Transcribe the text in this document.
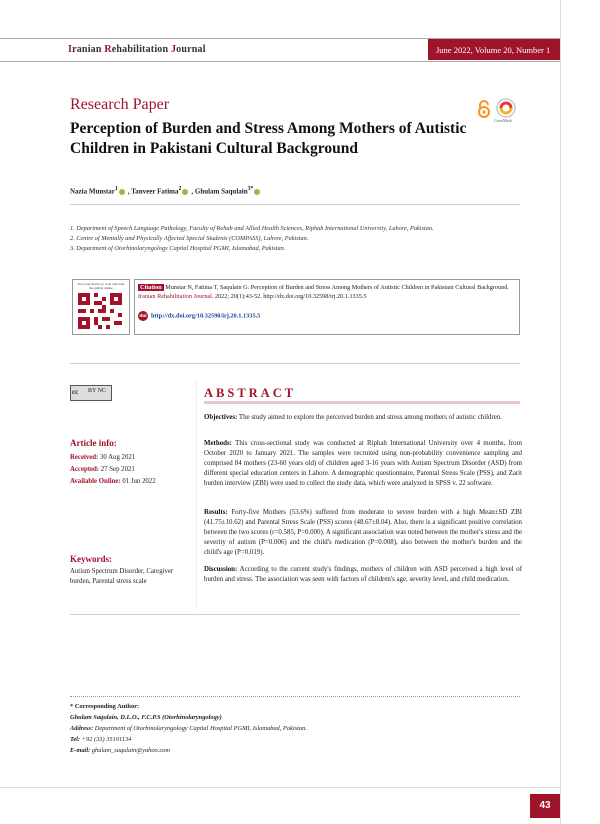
Iranian Rehabilitation Journal	June 2022, Volume 20, Number 1
Research Paper
Perception of Burden and Stress Among Mothers of Autistic Children in Pakistani Cultural Background
CrossMark
Nazia Munstar$^1$ , Tanveer Fatima$^2$ , Ghulam Saqulain$^{3*}$
1. Department of Speech Language Pathology, Faculty of Rehab and Allied Health Sciences, Riphah International University, Lahore, Pakistan.
2. Centre of Mentally and Physically Affected Special Students (COMPASS), Lahore, Pakistan.
3. Department of Otorhinolaryngology Capital Hospital PGMI, Islamabad, Pakistan.
Use your device to scan and read the article online	Citation Munstar N, Fatima T, Saqulain G. Perception of Burden and Stress Among Mothers of Autistic Children in Pakistani Cultural Background. Iranian Rehabilitation Journal. 2022; 20(1):43-52. http://dx.doi.org/10.32598/irj.20.1.1335.5
doi http://dx.doi.org/10.32598/irj.20.1.1335.5
cc BY NC
Article info:
Received: 30 Aug 2021
Accepted: 27 Sep 2021
Available Online: 01 Jun 2022
Keywords:
Autism Spectrum Disorder, Caregiver burden, Parental stress scale
ABSTRACT
Objectives: The study aimed to explore the perceived burden and stress among mothers of autistic children.
Methods: This cross-sectional study was conducted at Riphah International University over 4 months, from October 2020 to January 2021. The samples were recruited using non-probability convenience sampling and comprised 84 mothers (23-60 years old) of children aged 3-16 years with Autism Spectrum Disorder (ASD) from different special education centers in Lahore. A demographic questionnaire, Parental Stress Scale (PSS), and Zarit burden interview (ZBI) were used to collect the study data, which were analyzed in SPSS v. 22 software.
Results: Forty-five Mothers (53.6%) suffered from moderate to severe burden with a high Mean±SD ZBI (41.75±10.62) and Parental Stress Scale (PSS) scores (48.67±8.04). Also, there is a significant positive correlation between the two scores (r=0.585, P=0.000). A significant association was noted between the mother's stress and the severity of autism (P=0.006) and the child's medication (P=0.008), also between the mother's burden and the child's age (P=0.019).
Discussion: According to the current study's findings, mothers of children with ASD perceived a high level of burden and stress. The association was seen with factors of children's age, severity level, and child medication.
* Corresponding Author:
Ghulam Saqulain, D.L.O., F.C.P.S (Otorhinolaryngology)
Address: Department of Otorhinolaryngology Capital Hospital PGMI, Islamabad, Pakistan.
Tel: +92 (33) 35101134
E-mail: ghulam_saqulain@yahoo.com
43
